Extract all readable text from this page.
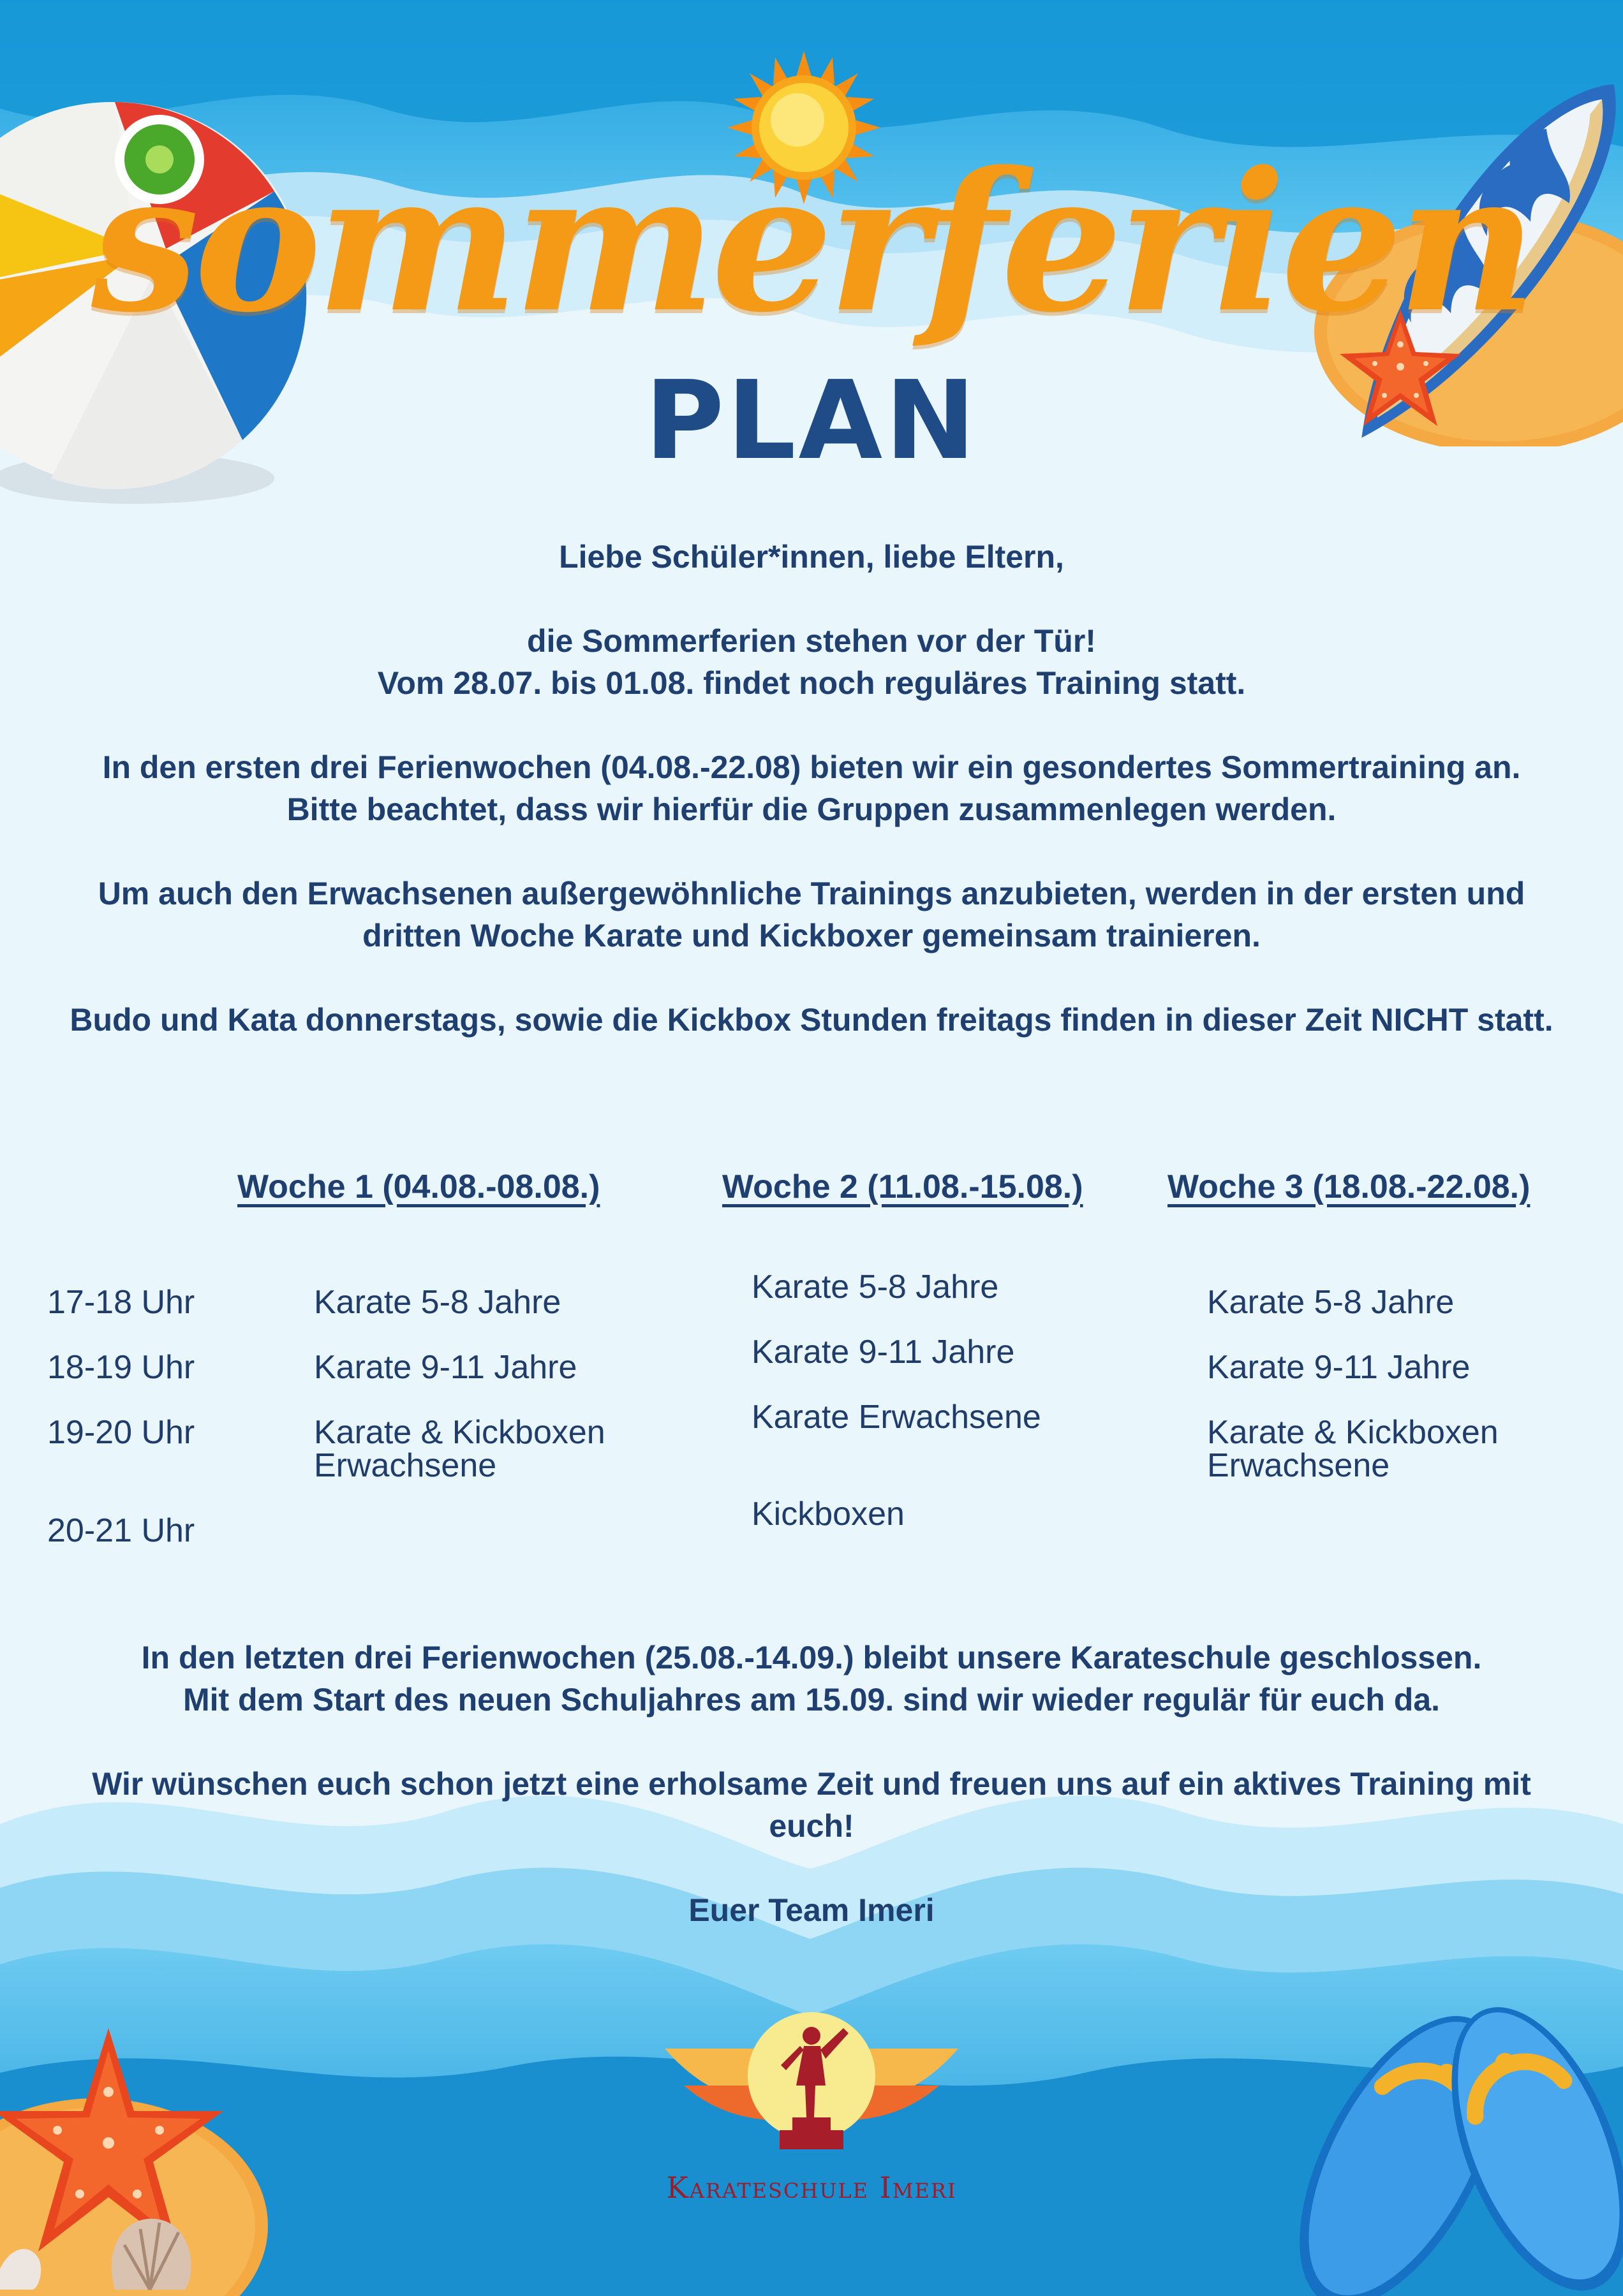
sommerferien
PLAN

Liebe Schüler*innen, liebe Eltern,

die Sommerferien stehen vor der Tür!
Vom 28.07. bis 01.08. findet noch reguläres Training statt.

In den ersten drei Ferienwochen (04.08.-22.08) bieten wir ein gesondertes Sommertraining an.
Bitte beachtet, dass wir hierfür die Gruppen zusammenlegen werden.

Um auch den Erwachsenen außergewöhnliche Trainings anzubieten, werden in der ersten und
dritten Woche Karate und Kickboxer gemeinsam trainieren.

Budo und Kata donnerstags, sowie die Kickbox Stunden freitags finden in dieser Zeit NICHT statt.

Woche 1 (04.08.-08.08.)	Woche 2 (11.08.-15.08.)	Woche 3 (18.08.-22.08.)
17-18 Uhr
18-19 Uhr
19-20 Uhr
20-21 Uhr
Karate 5-8 Jahre
Karate 9-11 Jahre
Karate & Kickboxen
Erwachsene
Karate 5-8 Jahre
Karate 9-11 Jahre
Karate Erwachsene
Kickboxen
Karate 5-8 Jahre
Karate 9-11 Jahre
Karate & Kickboxen
Erwachsene

In den letzten drei Ferienwochen (25.08.-14.09.) bleibt unsere Karateschule geschlossen.
Mit dem Start des neuen Schuljahres am 15.09. sind wir wieder regulär für euch da.

Wir wünschen euch schon jetzt eine erholsame Zeit und freuen uns auf ein aktives Training mit
euch!

Euer Team Imeri

Karateschule Imeri
